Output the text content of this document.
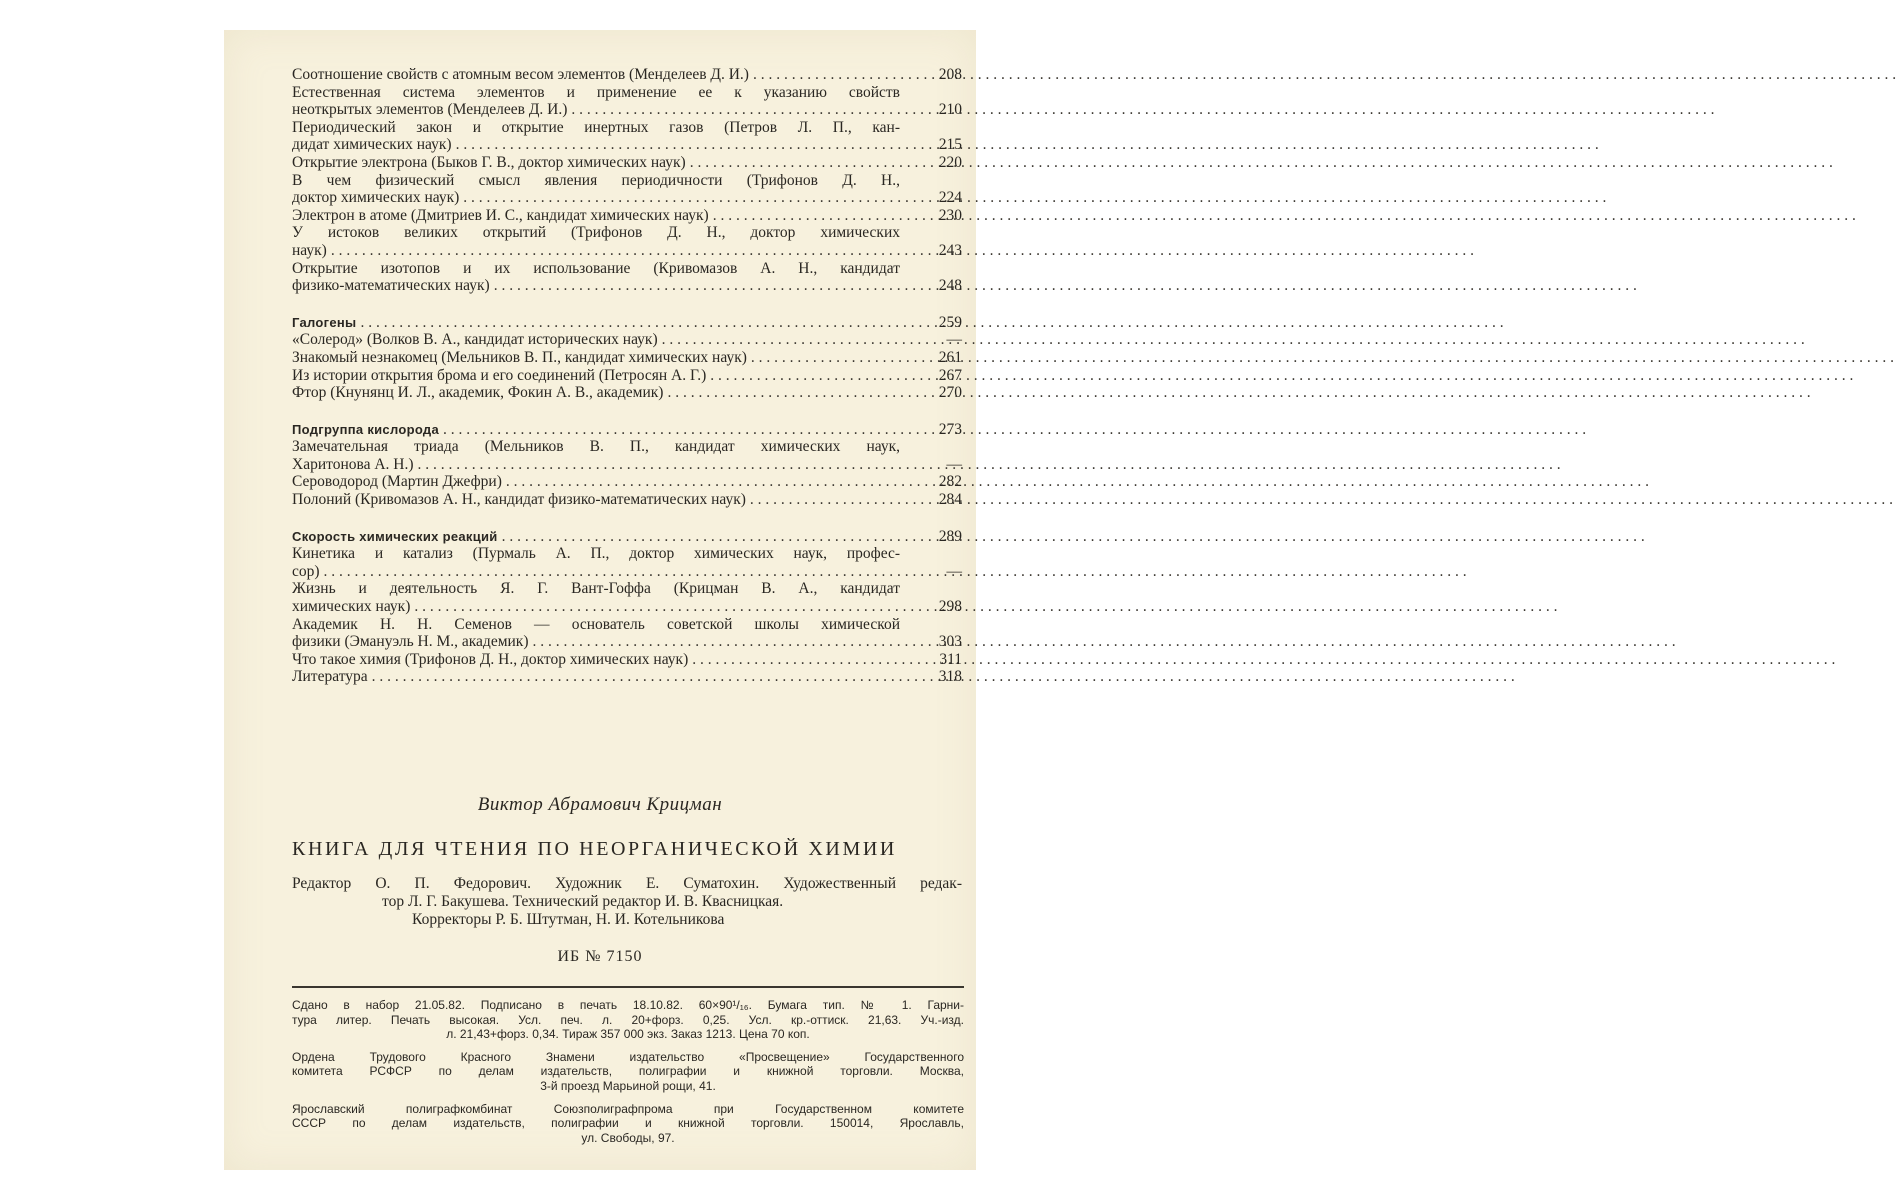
Соотношение свойств с атомным весом элементов (Менделеев Д. И.) . . .	208
Естественная система элементов и применение ее к указанию свойств
неоткрытых элементов (Менделеев Д. И.) . . .	210
Периодический закон и открытие инертных газов (Петров Л. П., кан-
дидат химических наук) . . .	215
Открытие электрона (Быков Г. В., доктор химических наук) . . .	220
В чем физический смысл явления периодичности (Трифонов Д. Н.,
доктор химических наук) . . .	224
Электрон в атоме (Дмитриев И. С., кандидат химических наук) . . .	230
У истоков великих открытий (Трифонов Д. Н., доктор химических
наук) . . .	243
Открытие изотопов и их использование (Кривомазов А. Н., кандидат
физико-математических наук) . . .	248
Галогены . . .	259
«Солерод» (Волков В. А., кандидат исторических наук) . . .	—
Знакомый незнакомец (Мельников В. П., кандидат химических наук) . . .	261
Из истории открытия брома и его соединений (Петросян А. Г.) . . .	267
Фтор (Кнунянц И. Л., академик, Фокин А. В., академик) . . .	270
Подгруппа кислорода . . .	273
Замечательная триада (Мельников В. П., кандидат химических наук,
Харитонова А. Н.) . . .	—
Сероводород (Мартин Джефри) . . .	282
Полоний (Кривомазов А. Н., кандидат физико-математических наук) . . .	284
Скорость химических реакций . . .	289
Кинетика и катализ (Пурмаль А. П., доктор химических наук, профес-
сор) . . .	—
Жизнь и деятельность Я. Г. Вант-Гоффа (Крицман В. А., кандидат
химических наук) . . .	298
Академик Н. Н. Семенов — основатель советской школы химической
физики (Эмануэль Н. М., академик) . . .	303
Что такое химия (Трифонов Д. Н., доктор химических наук) . . .	311
Литература . . .	318
Виктор Абрамович Крицман
КНИГА ДЛЯ ЧТЕНИЯ ПО НЕОРГАНИЧЕСКОЙ ХИМИИ
Редактор О. П. Федорович. Художник Е. Суматохин. Художественный редак-
тор Л. Г. Бакушева. Технический редактор И. В. Квасницкая.
Корректоры Р. Б. Штутман, Н. И. Котельникова
ИБ № 7150

Сдано в набор 21.05.82. Подписано в печать 18.10.82. 60×90¹/₁₆. Бумага тип. № 1. Гарни-
тура литер. Печать высокая. Усл. печ. л. 20+форз. 0,25. Усл. кр.-оттиск. 21,63. Уч.-изд.
л. 21,43+форз. 0,34. Тираж 357 000 экз. Заказ 1213. Цена 70 коп.

Ордена Трудового Красного Знамени издательство «Просвещение» Государственного
комитета РСФСР по делам издательств, полиграфии и книжной торговли. Москва,
3-й проезд Марьиной рощи, 41.

Ярославский полиграфкомбинат Союзполиграфпрома при Государственном комитете
СССР по делам издательств, полиграфии и книжной торговли. 150014, Ярославль,
ул. Свободы, 97.
